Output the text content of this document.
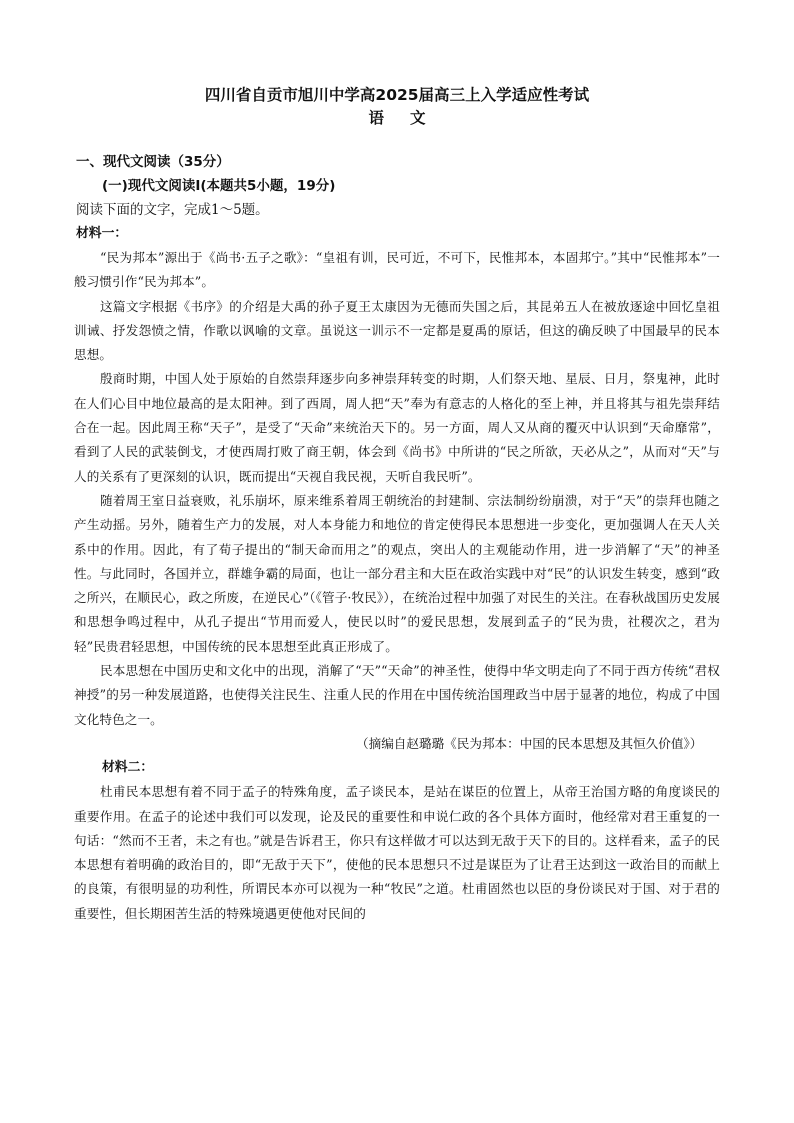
四川省自贡市旭川中学高2025届高三上入学适应性考试

语文

一、现代文阅读（35分）

(一)现代文阅读Ⅰ(本题共5小题，19分)

阅读下面的文字，完成1～5题。

材料一：

“民为邦本”源出于《尚书·五子之歌》：“皇祖有训，民可近，不可下，民惟邦本，本固邦宁。”其中“民惟邦本”一般习惯引作“民为邦本”。

这篇文字根据《书序》的介绍是大禹的孙子夏王太康因为无德而失国之后，其昆弟五人在被放逐途中回忆皇祖训诫、抒发怨愤之情，作歌以讽喻的文章。虽说这一训示不一定都是夏禹的原话，但这的确反映了中国最早的民本思想。

殷商时期，中国人处于原始的自然崇拜逐步向多神崇拜转变的时期，人们祭天地、星辰、日月，祭鬼神，此时在人们心目中地位最高的是太阳神。到了西周，周人把“天”奉为有意志的人格化的至上神，并且将其与祖先崇拜结合在一起。因此周王称“天子”，是受了“天命”来统治天下的。另一方面，周人又从商的覆灭中认识到“天命靡常”，看到了人民的武装倒戈，才使西周打败了商王朝，体会到《尚书》中所讲的“民之所欲，天必从之”，从而对“天”与人的关系有了更深刻的认识，既而提出“天视自我民视，天听自我民听”。

随着周王室日益衰败，礼乐崩坏，原来维系着周王朝统治的封建制、宗法制纷纷崩溃，对于“天”的崇拜也随之产生动摇。另外，随着生产力的发展，对人本身能力和地位的肯定使得民本思想进一步变化，更加强调人在天人关系中的作用。因此，有了荀子提出的“制天命而用之”的观点，突出人的主观能动作用，进一步消解了“天”的神圣性。与此同时，各国并立，群雄争霸的局面，也让一部分君主和大臣在政治实践中对“民”的认识发生转变，感到“政之所兴，在顺民心，政之所废，在逆民心”（《管子·牧民》），在统治过程中加强了对民生的关注。在春秋战国历史发展和思想争鸣过程中，从孔子提出“节用而爱人，使民以时”的爱民思想，发展到孟子的“民为贵，社稷次之，君为轻”民贵君轻思想，中国传统的民本思想至此真正形成了。

民本思想在中国历史和文化中的出现，消解了“天”“天命”的神圣性，使得中华文明走向了不同于西方传统“君权神授”的另一种发展道路，也使得关注民生、注重人民的作用在中国传统治国理政当中居于显著的地位，构成了中国文化特色之一。

（摘编自赵璐璐《民为邦本：中国的民本思想及其恒久价值》）

材料二：

杜甫民本思想有着不同于孟子的特殊角度，孟子谈民本，是站在谋臣的位置上，从帝王治国方略的角度谈民的重要作用。在孟子的论述中我们可以发现，论及民的重要性和申说仁政的各个具体方面时，他经常对君王重复的一句话：“然而不王者，未之有也。”就是告诉君王，你只有这样做才可以达到无敌于天下的目的。这样看来，孟子的民本思想有着明确的政治目的，即“无敌于天下”，使他的民本思想只不过是谋臣为了让君王达到这一政治目的而献上的良策，有很明显的功利性，所谓民本亦可以视为一种“牧民”之道。杜甫固然也以臣的身份谈民对于国、对于君的重要性，但长期困苦生活的特殊境遇更使他对民间的
